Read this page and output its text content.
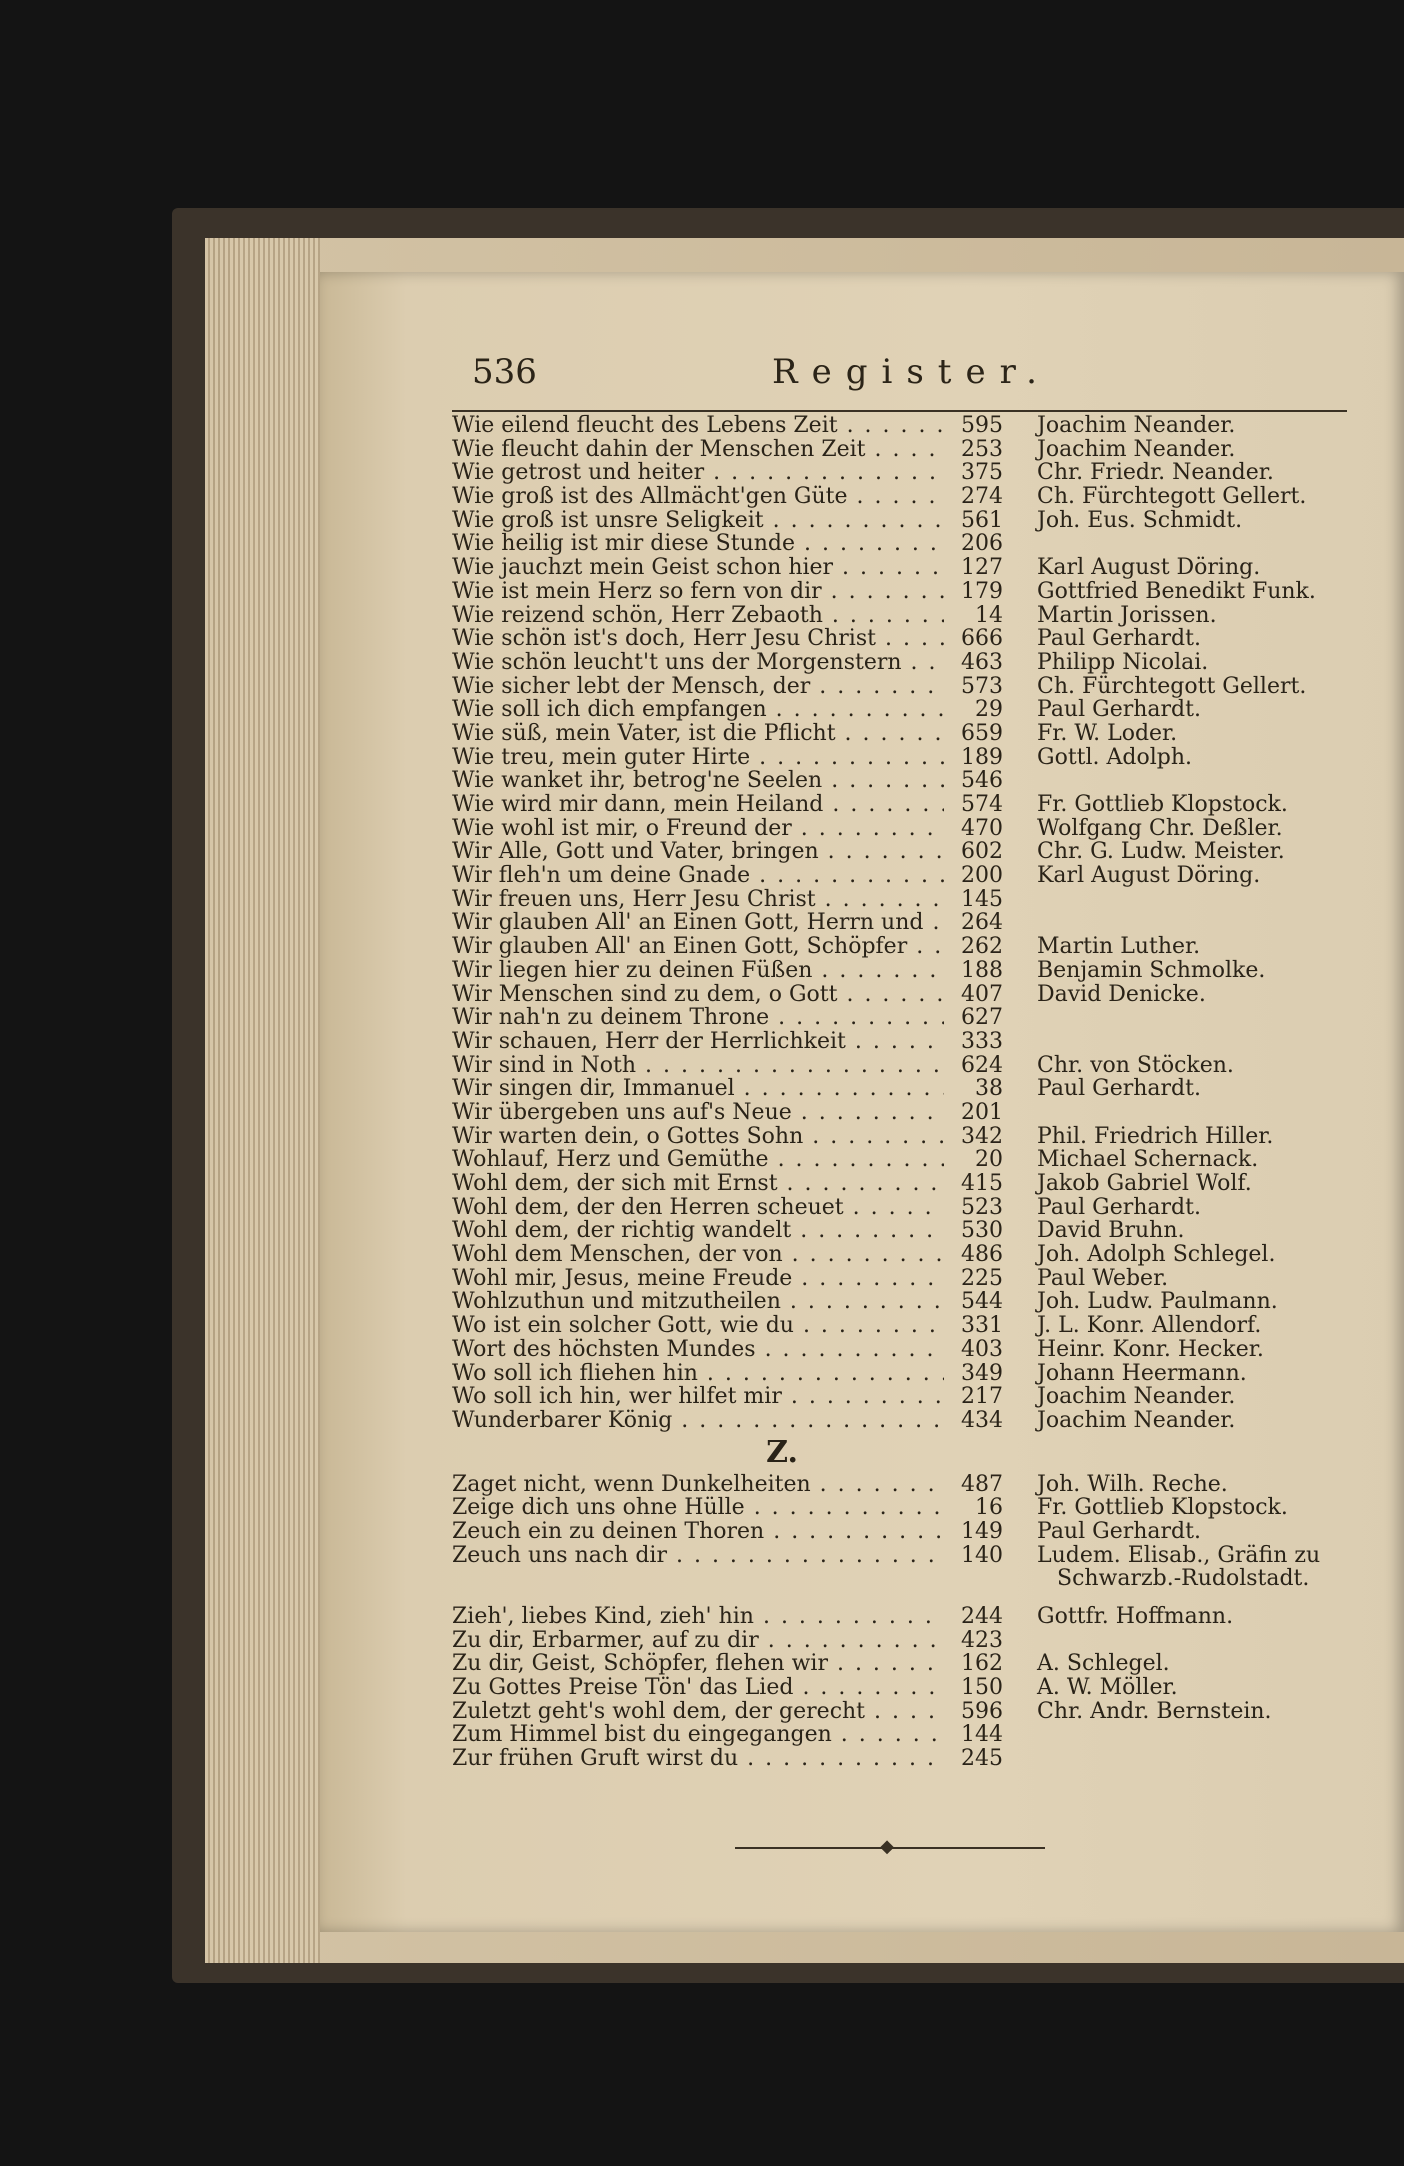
536	Register.
Wie eilend fleucht des Lebens Zeit . . .	595 Joachim Neander.
Wie fleucht dahin der Menschen Zeit . . .	253 Joachim Neander.
Wie getrost und heiter . . .	375 Chr. Friedr. Neander.
Wie groß ist des Allmächt'gen Güte . . .	274 Ch. Fürchtegott Gellert.
Wie groß ist unsre Seligkeit . . .	561 Joh. Eus. Schmidt.
Wie heilig ist mir diese Stunde . . .	206
Wie jauchzt mein Geist schon hier . . .	127 Karl August Döring.
Wie ist mein Herz so fern von dir . . .	179 Gottfried Benedikt Funk.
Wie reizend schön, Herr Zebaoth . . .	14 Martin Jorissen.
Wie schön ist's doch, Herr Jesu Christ . . .	666 Paul Gerhardt.
Wie schön leucht't uns der Morgenstern . . .	463 Philipp Nicolai.
Wie sicher lebt der Mensch, der . . .	573 Ch. Fürchtegott Gellert.
Wie soll ich dich empfangen . . .	29 Paul Gerhardt.
Wie süß, mein Vater, ist die Pflicht . . .	659 Fr. W. Loder.
Wie treu, mein guter Hirte . . .	189 Gottl. Adolph.
Wie wanket ihr, betrog'ne Seelen . . .	546
Wie wird mir dann, mein Heiland . . .	574 Fr. Gottlieb Klopstock.
Wie wohl ist mir, o Freund der . . .	470 Wolfgang Chr. Deßler.
Wir Alle, Gott und Vater, bringen . . .	602 Chr. G. Ludw. Meister.
Wir fleh'n um deine Gnade . . .	200 Karl August Döring.
Wir freuen uns, Herr Jesu Christ . . .	145
Wir glauben All' an Einen Gott, Herrn und . . .	264
Wir glauben All' an Einen Gott, Schöpfer . . .	262 Martin Luther.
Wir liegen hier zu deinen Füßen . . .	188 Benjamin Schmolke.
Wir Menschen sind zu dem, o Gott . . .	407 David Denicke.
Wir nah'n zu deinem Throne . . .	627
Wir schauen, Herr der Herrlichkeit . . .	333
Wir sind in Noth . . .	624 Chr. von Stöcken.
Wir singen dir, Immanuel . . .	38 Paul Gerhardt.
Wir übergeben uns auf's Neue . . .	201
Wir warten dein, o Gottes Sohn . . .	342 Phil. Friedrich Hiller.
Wohlauf, Herz und Gemüthe . . .	20 Michael Schernack.
Wohl dem, der sich mit Ernst . . .	415 Jakob Gabriel Wolf.
Wohl dem, der den Herren scheuet . . .	523 Paul Gerhardt.
Wohl dem, der richtig wandelt . . .	530 David Bruhn.
Wohl dem Menschen, der von . . .	486 Joh. Adolph Schlegel.
Wohl mir, Jesus, meine Freude . . .	225 Paul Weber.
Wohlzuthun und mitzutheilen . . .	544 Joh. Ludw. Paulmann.
Wo ist ein solcher Gott, wie du . . .	331 J. L. Konr. Allendorf.
Wort des höchsten Mundes . . .	403 Heinr. Konr. Hecker.
Wo soll ich fliehen hin . . .	349 Johann Heermann.
Wo soll ich hin, wer hilfet mir . . .	217 Joachim Neander.
Wunderbarer König . . .	434 Joachim Neander.
Z.
Zaget nicht, wenn Dunkelheiten . . .	487 Joh. Wilh. Reche.
Zeige dich uns ohne Hülle . . .	16 Fr. Gottlieb Klopstock.
Zeuch ein zu deinen Thoren . . .	149 Paul Gerhardt.
Zeuch uns nach dir . . .	140 Ludem. Elisab., Gräfin zu
Schwarzb.-Rudolstadt.
Zieh', liebes Kind, zieh' hin . . .	244 Gottfr. Hoffmann.
Zu dir, Erbarmer, auf zu dir . . .	423
Zu dir, Geist, Schöpfer, flehen wir . . .	162 A. Schlegel.
Zu Gottes Preise Tön' das Lied . . .	150 A. W. Möller.
Zuletzt geht's wohl dem, der gerecht . . .	596 Chr. Andr. Bernstein.
Zum Himmel bist du eingegangen . . .	144
Zur frühen Gruft wirst du . . .	245
◆
